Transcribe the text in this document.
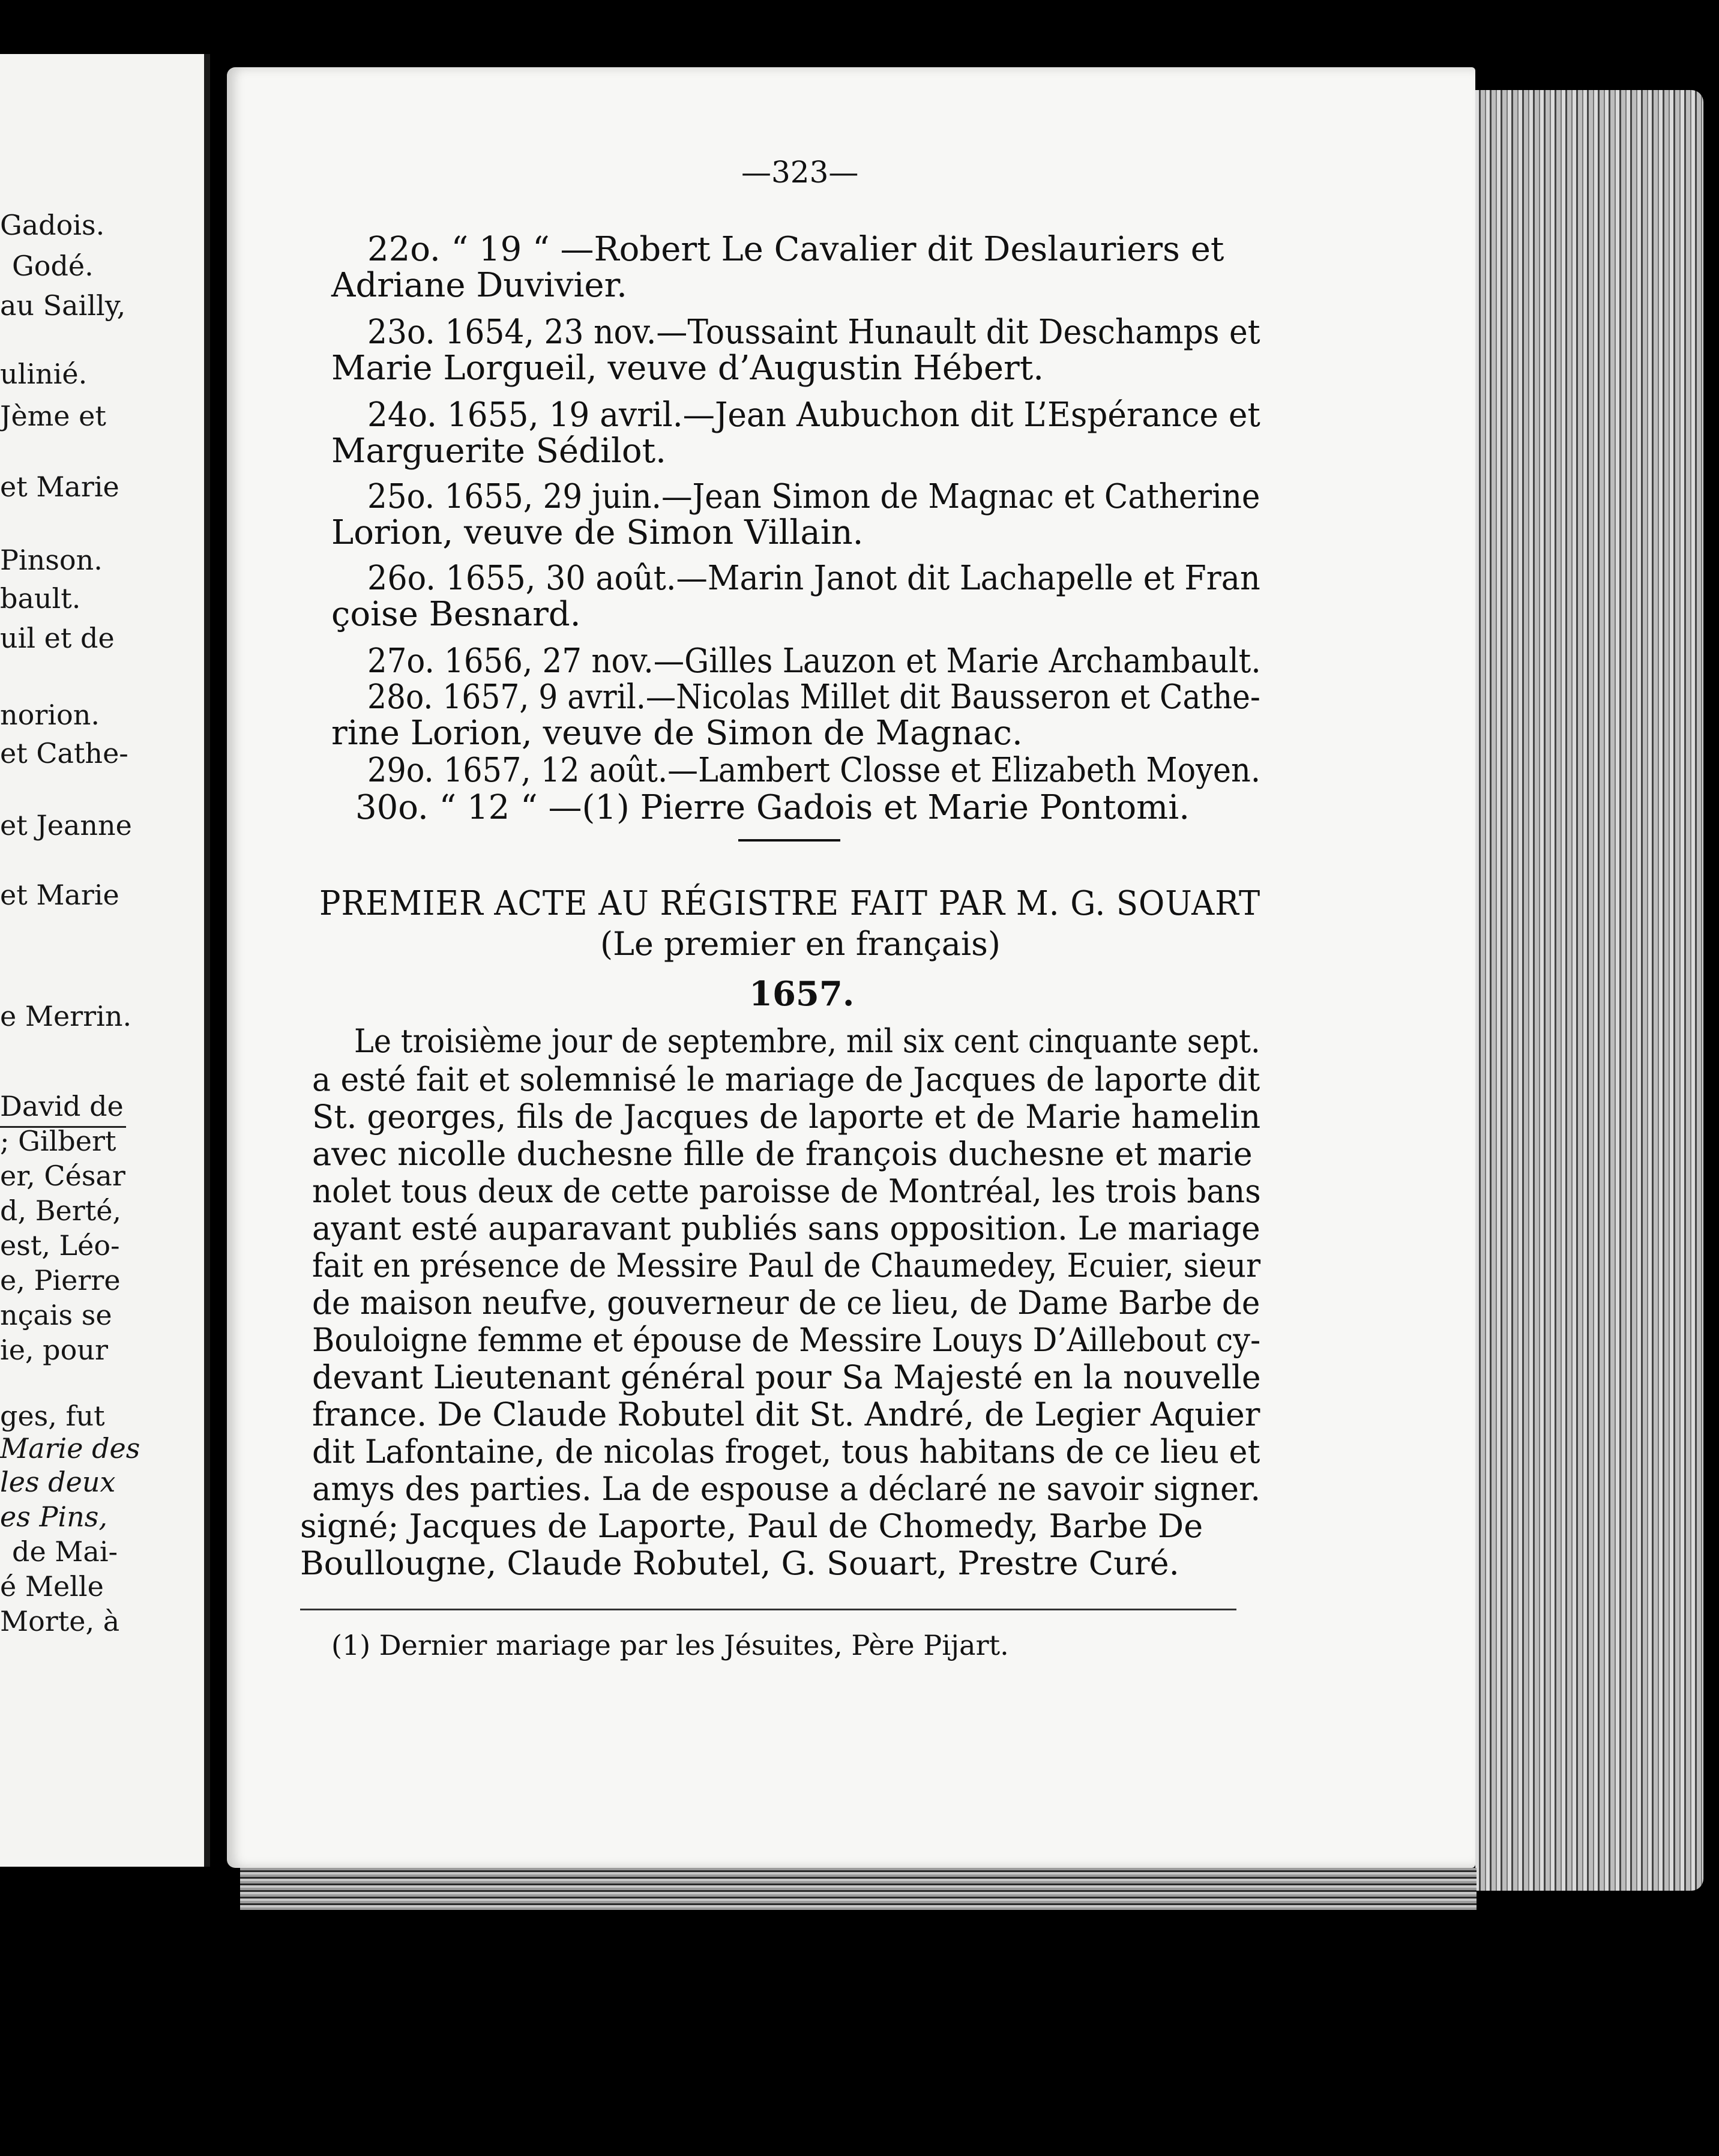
Gadois.
Godé.
au Sailly,
ulinié.
Jème et
et Marie
Pinson.
bault.
uil et de
norion.
et Cathe-
et Jeanne
et Marie
e Merrin.
David de
; Gilbert
er, César
d, Berté,
est, Léo-
e, Pierre
nçais se
ie, pour
ges, fut
Marie des
les deux
es Pins,
de Mai-
é Melle
Morte, à
—323—
22o. “ 19 “ —Robert Le Cavalier dit Deslauriers et
Adriane Duvivier.
23o. 1654, 23 nov.—Toussaint Hunault dit Deschamps et
Marie Lorgueil, veuve d’Augustin Hébert.
24o. 1655, 19 avril.—Jean Aubuchon dit L’Espérance et
Marguerite Sédilot.
25o. 1655, 29 juin.—Jean Simon de Magnac et Catherine
Lorion, veuve de Simon Villain.
26o. 1655, 30 août.—Marin Janot dit Lachapelle et Fran
çoise Besnard.
27o. 1656, 27 nov.—Gilles Lauzon et Marie Archambault.
28o. 1657, 9 avril.—Nicolas Millet dit Bausseron et Cathe-
rine Lorion, veuve de Simon de Magnac.
29o. 1657, 12 août.—Lambert Closse et Elizabeth Moyen.
30o. “ 12 “ —(1) Pierre Gadois et Marie Pontomi.
PREMIER ACTE AU RÉGISTRE FAIT PAR M. G. SOUART
(Le premier en français)
1657.
Le troisième jour de septembre, mil six cent cinquante sept.
a esté fait et solemnisé le mariage de Jacques de laporte dit
St. georges, fils de Jacques de laporte et de Marie hamelin
avec nicolle duchesne fille de françois duchesne et marie
nolet tous deux de cette paroisse de Montréal, les trois bans
ayant esté auparavant publiés sans opposition. Le mariage
fait en présence de Messire Paul de Chaumedey, Ecuier, sieur
de maison neufve, gouverneur de ce lieu, de Dame Barbe de
Bouloigne femme et épouse de Messire Louys D’Aillebout cy-
devant Lieutenant général pour Sa Majesté en la nouvelle
france. De Claude Robutel dit St. André, de Legier Aquier
dit Lafontaine, de nicolas froget, tous habitans de ce lieu et
amys des parties. La de espouse a déclaré ne savoir signer.
signé; Jacques de Laporte, Paul de Chomedy, Barbe De
Boullougne, Claude Robutel, G. Souart, Prestre Curé.
(1) Dernier mariage par les Jésuites, Père Pijart.
